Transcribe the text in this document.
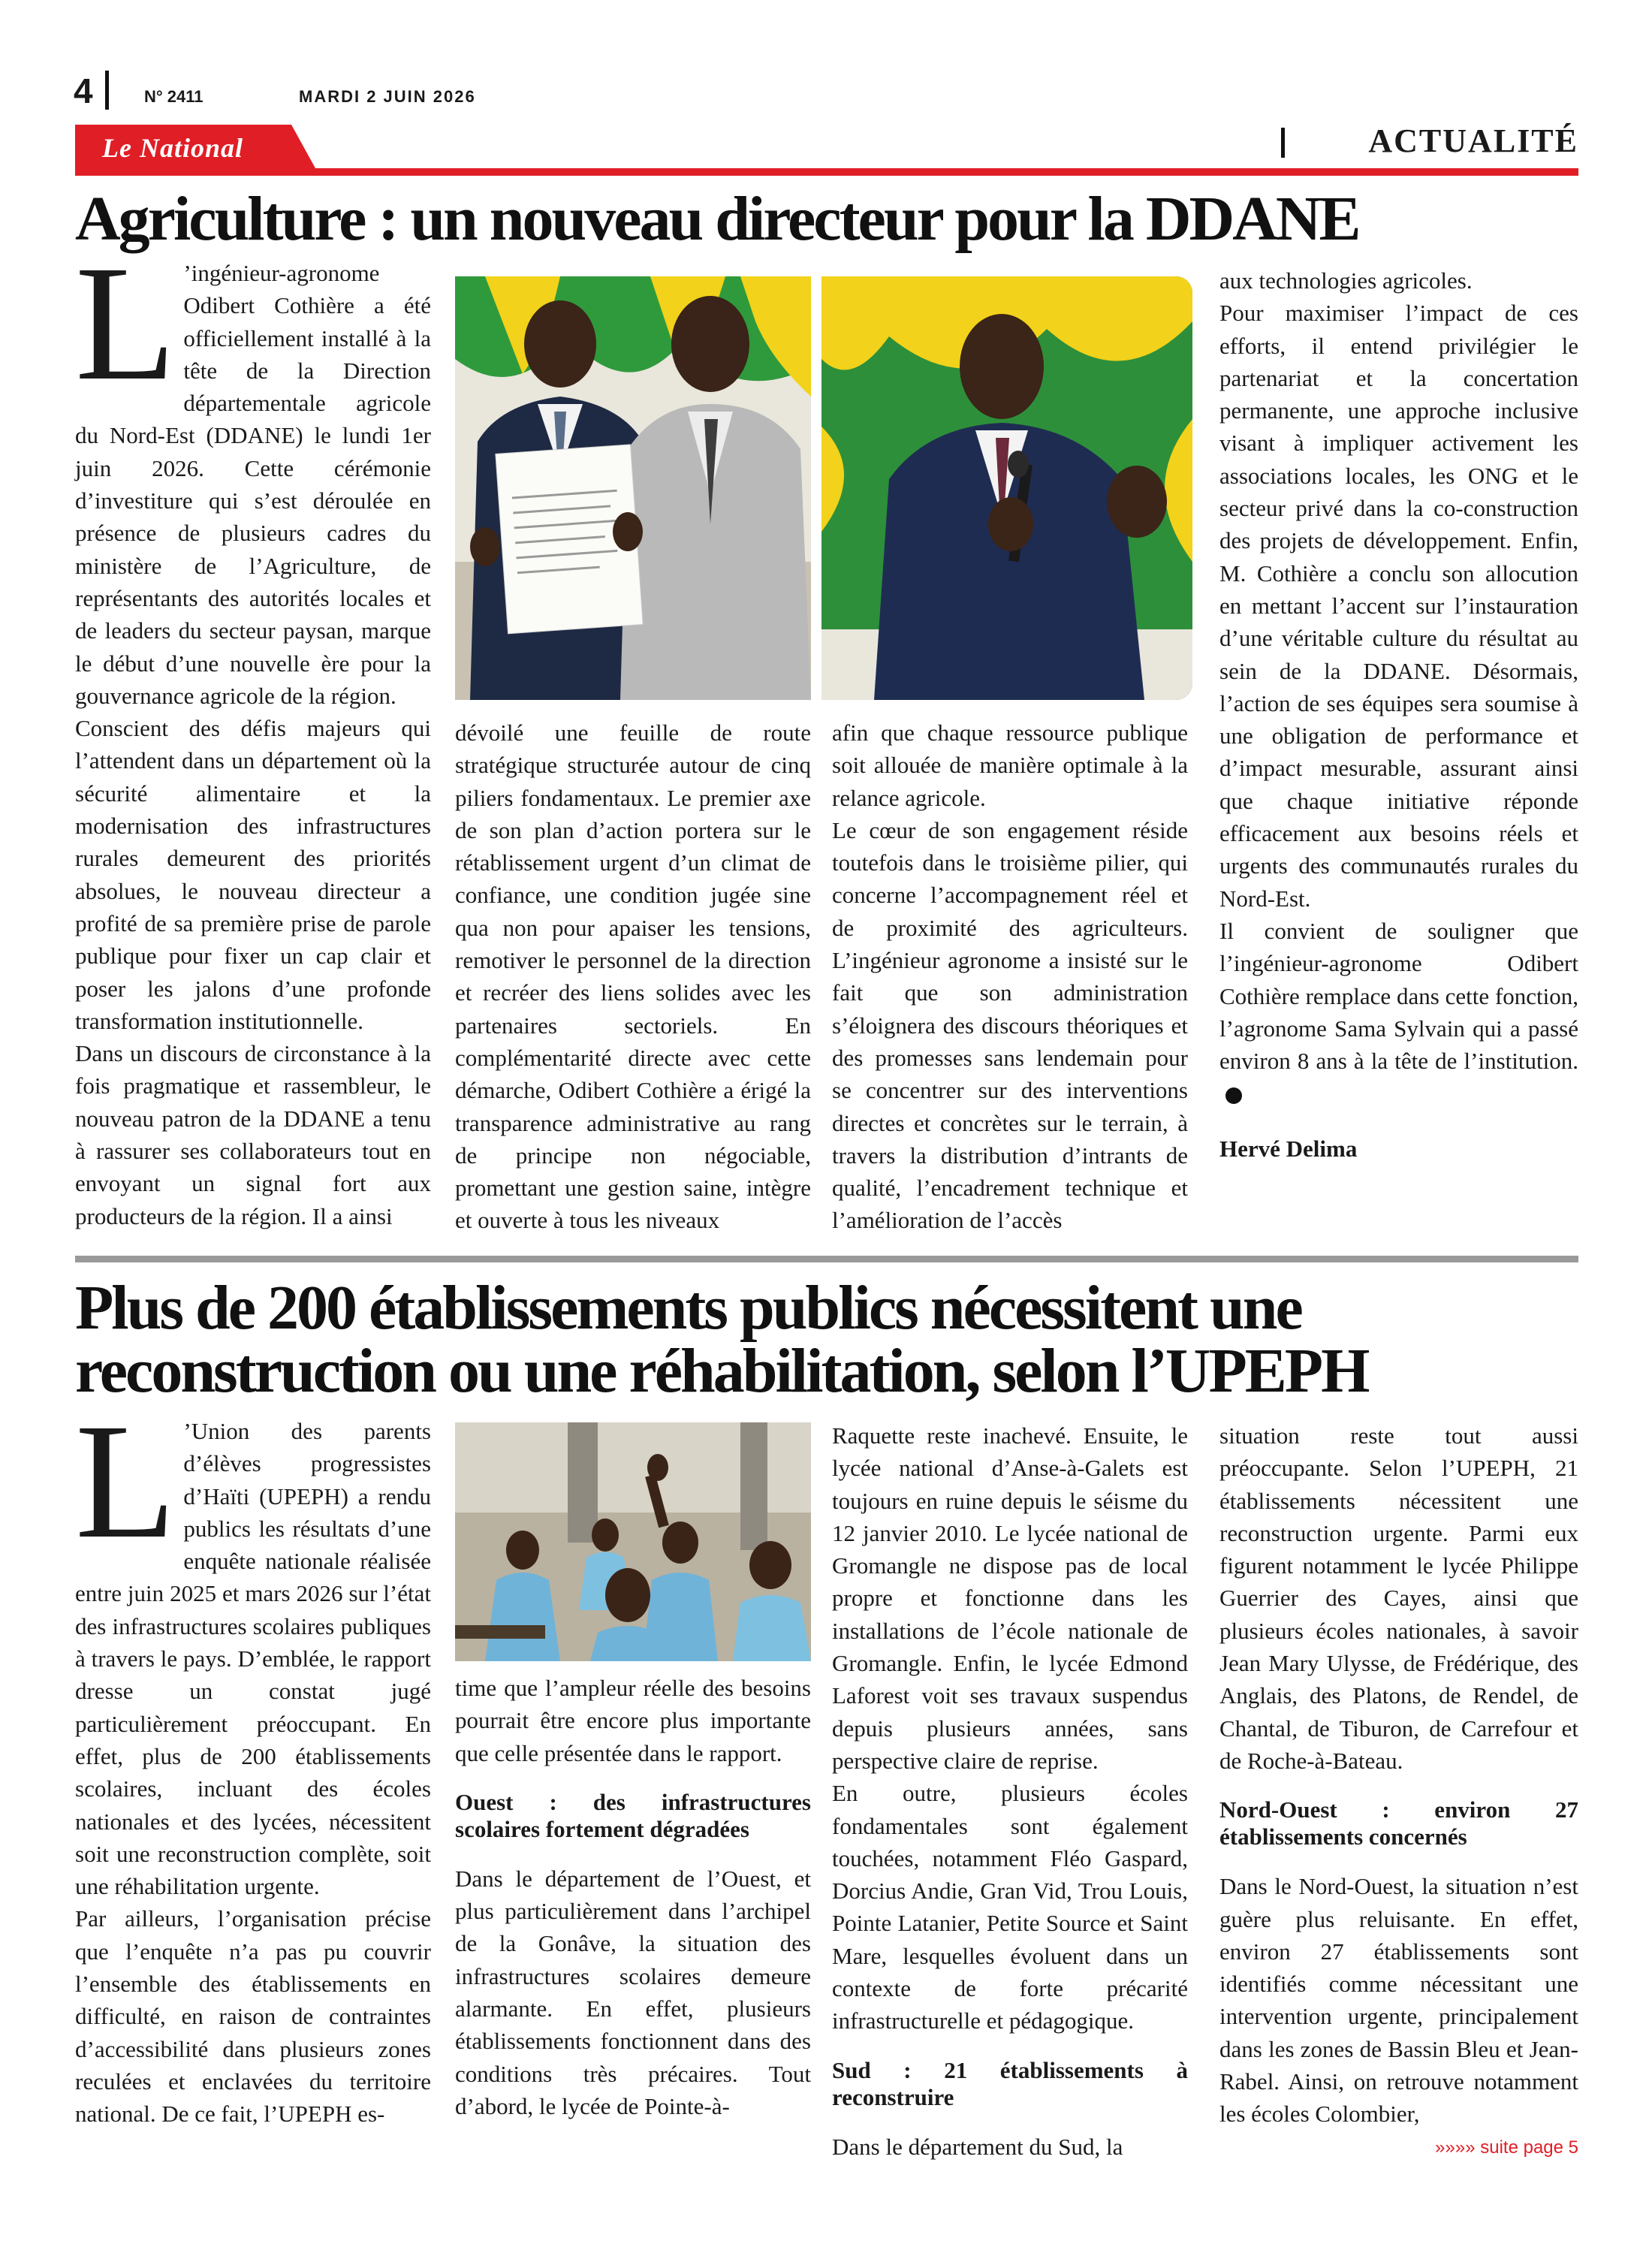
4	N° 2411	MARDI 2 JUIN 2026
Le National	ACTUALITÉ
Agriculture : un nouveau directeur pour la DDANE

L ’ingénieur-agronome Odibert Cothière a été officiellement installé à la tête de la Direction départementale agricole du Nord-Est (DDANE) le lundi 1er juin 2026. Cette cérémonie d’investiture qui s’est déroulée en présence de plusieurs cadres du ministère de l’Agriculture, de représentants des autorités locales et de leaders du secteur paysan, marque le début d’une nouvelle ère pour la gouvernance agricole de la région.

Conscient des défis majeurs qui l’attendent dans un département où la sécurité alimentaire et la modernisation des infrastructures rurales demeurent des priorités absolues, le nouveau directeur a profité de sa première prise de parole publique pour fixer un cap clair et poser les jalons d’une profonde transformation institutionnelle.

Dans un discours de circonstance à la fois pragmatique et rassembleur, le nouveau patron de la DDANE a tenu à rassurer ses collaborateurs tout en envoyant un signal fort aux producteurs de la région. Il a ainsi

dévoilé une feuille de route stratégique structurée autour de cinq piliers fondamentaux. Le premier axe de son plan d’action portera sur le rétablissement urgent d’un climat de confiance, une condition jugée sine qua non pour apaiser les tensions, remotiver le personnel de la direction et recréer des liens solides avec les partenaires sectoriels. En complémentarité directe avec cette démarche, Odibert Cothière a érigé la transparence administrative au rang de principe non négociable, promettant une gestion saine, intègre et ouverte à tous les niveaux

afin que chaque ressource publique soit allouée de manière optimale à la relance agricole.

Le cœur de son engagement réside toutefois dans le troisième pilier, qui concerne l’accompagnement réel et de proximité des agriculteurs. L’ingénieur agronome a insisté sur le fait que son administration s’éloignera des discours théoriques et des promesses sans lendemain pour se concentrer sur des interventions directes et concrètes sur le terrain, à travers la distribution d’intrants de qualité, l’encadrement technique et l’amélioration de l’accès

aux technologies agricoles.

Pour maximiser l’impact de ces efforts, il entend privilégier le partenariat et la concertation permanente, une approche inclusive visant à impliquer activement les associations locales, les ONG et le secteur privé dans la co-construction des projets de développement. Enfin, M. Cothière a conclu son allocution en mettant l’accent sur l’instauration d’une véritable culture du résultat au sein de la DDANE. Désormais, l’action de ses équipes sera soumise à une obligation de performance et d’impact mesurable, assurant ainsi que chaque initiative réponde efficacement aux besoins réels et urgents des communautés rurales du Nord-Est.

Il convient de souligner que l’ingénieur-agronome Odibert Cothière remplace dans cette fonction, l’agronome Sama Sylvain qui a passé environ 8 ans à la tête de l’institution.

Hervé Delima

Plus de 200 établissements publics nécessitent une reconstruction ou une réhabilitation, selon l’UPEPH

L ’Union des parents d’élèves progressistes d’Haïti (UPEPH) a rendu publics les résultats d’une enquête nationale réalisée entre juin 2025 et mars 2026 sur l’état des infrastructures scolaires publiques à travers le pays. D’emblée, le rapport dresse un constat jugé particulièrement préoccupant. En effet, plus de 200 établissements scolaires, incluant des écoles nationales et des lycées, nécessitent soit une reconstruction complète, soit une réhabilitation urgente.

Par ailleurs, l’organisation précise que l’enquête n’a pas pu couvrir l’ensemble des établissements en difficulté, en raison de contraintes d’accessibilité dans plusieurs zones reculées et enclavées du territoire national. De ce fait, l’UPEPH es-

time que l’ampleur réelle des besoins pourrait être encore plus importante que celle présentée dans le rapport.

Ouest : des infrastructures scolaires fortement dégradées

Dans le département de l’Ouest, et plus particulièrement dans l’archipel de la Gonâve, la situation des infrastructures scolaires demeure alarmante. En effet, plusieurs établissements fonctionnent dans des conditions très précaires. Tout d’abord, le lycée de Pointe-à-

Raquette reste inachevé. Ensuite, le lycée national d’Anse-à-Galets est toujours en ruine depuis le séisme du 12 janvier 2010. Le lycée national de Gromangle ne dispose pas de local propre et fonctionne dans les installations de l’école nationale de Gromangle. Enfin, le lycée Edmond Laforest voit ses travaux suspendus depuis plusieurs années, sans perspective claire de reprise.

En outre, plusieurs écoles fondamentales sont également touchées, notamment Fléo Gaspard, Dorcius Andie, Gran Vid, Trou Louis, Pointe Latanier, Petite Source et Saint Mare, lesquelles évoluent dans un contexte de forte précarité infrastructurelle et pédagogique.

Sud : 21 établissements à reconstruire

Dans le département du Sud, la

situation reste tout aussi préoccupante. Selon l’UPEPH, 21 établissements nécessitent une reconstruction urgente. Parmi eux figurent notamment le lycée Philippe Guerrier des Cayes, ainsi que plusieurs écoles nationales, à savoir Jean Mary Ulysse, de Frédérique, des Anglais, des Platons, de Rendel, de Chantal, de Tiburon, de Carrefour et de Roche-à-Bateau.

Nord-Ouest : environ 27 établissements concernés

Dans le Nord-Ouest, la situation n’est guère plus reluisante. En effet, environ 27 établissements sont identifiés comme nécessitant une intervention urgente, principalement dans les zones de Bassin Bleu et Jean-Rabel. Ainsi, on retrouve notamment les écoles Colombier,

»»»» suite page 5
